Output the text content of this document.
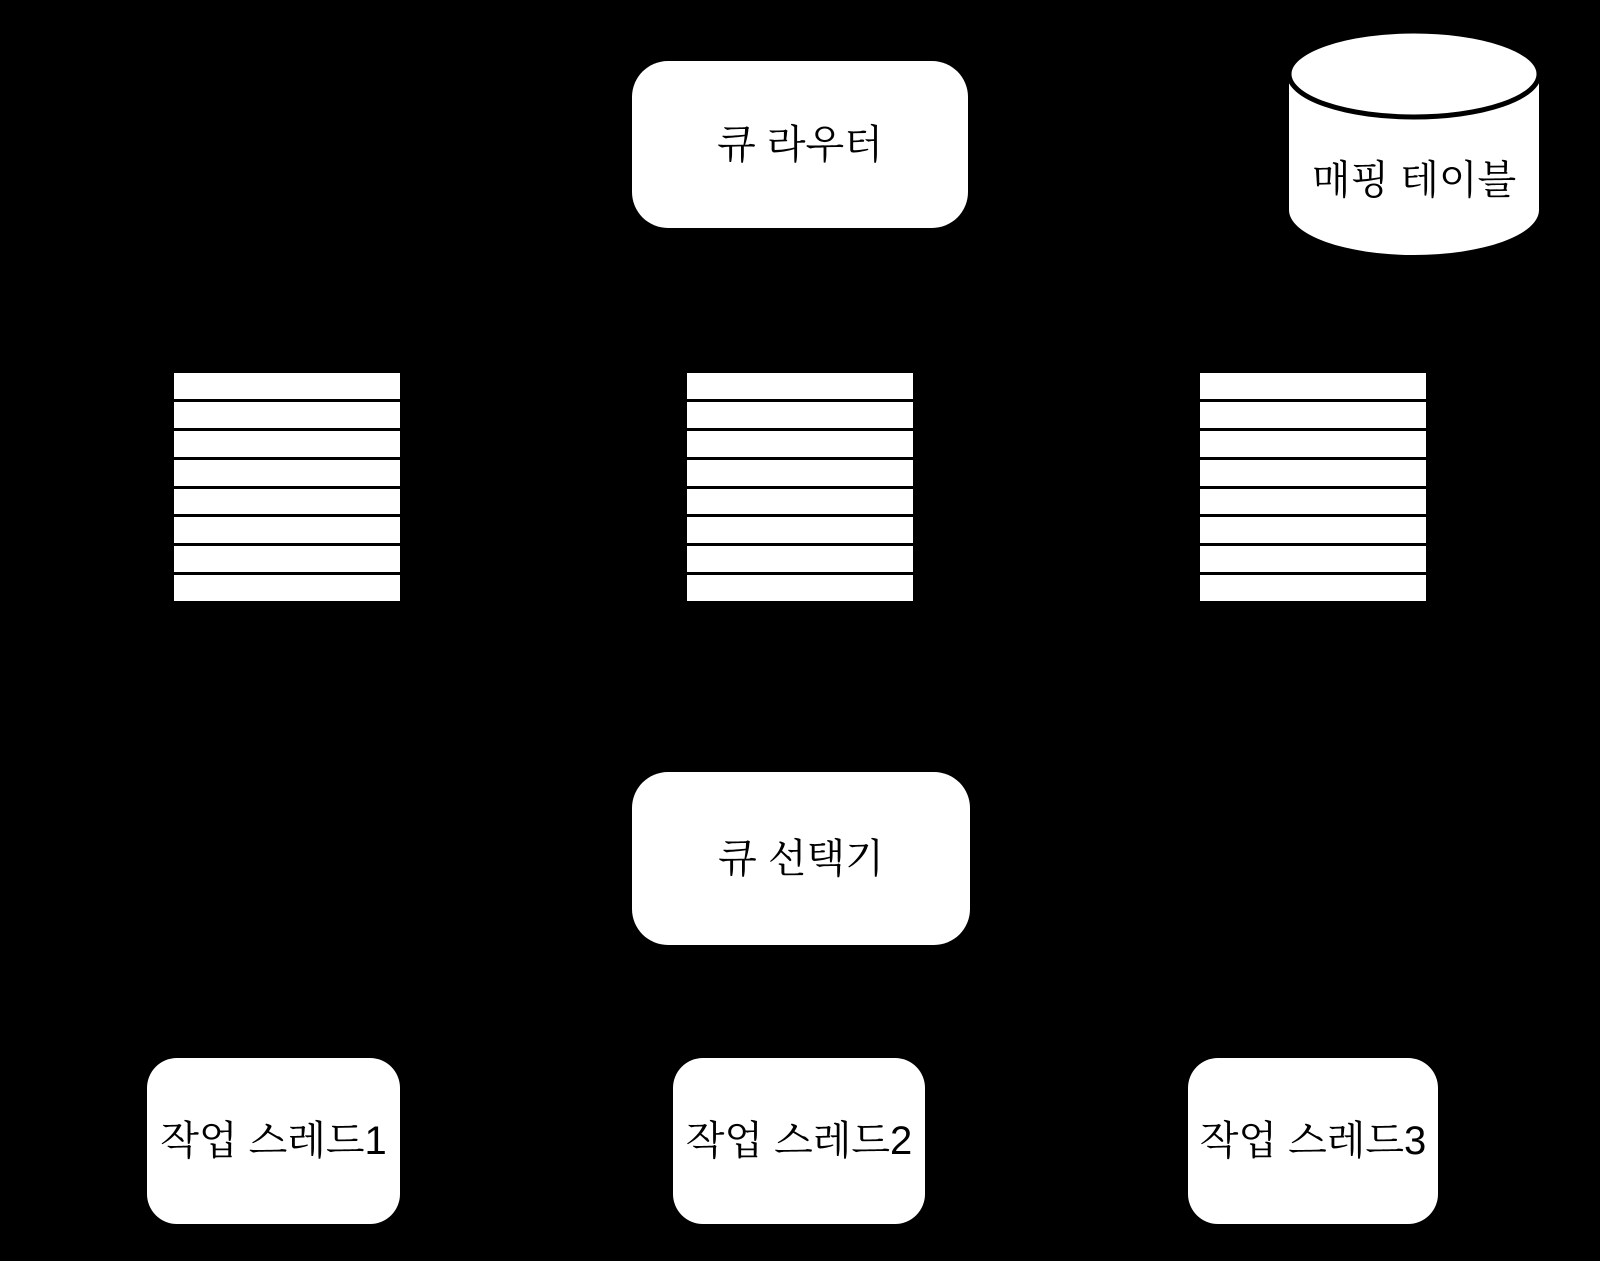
큐 라우터
매핑 테이블
큐 선택기
작업 스레드1	작업 스레드2	작업 스레드3
